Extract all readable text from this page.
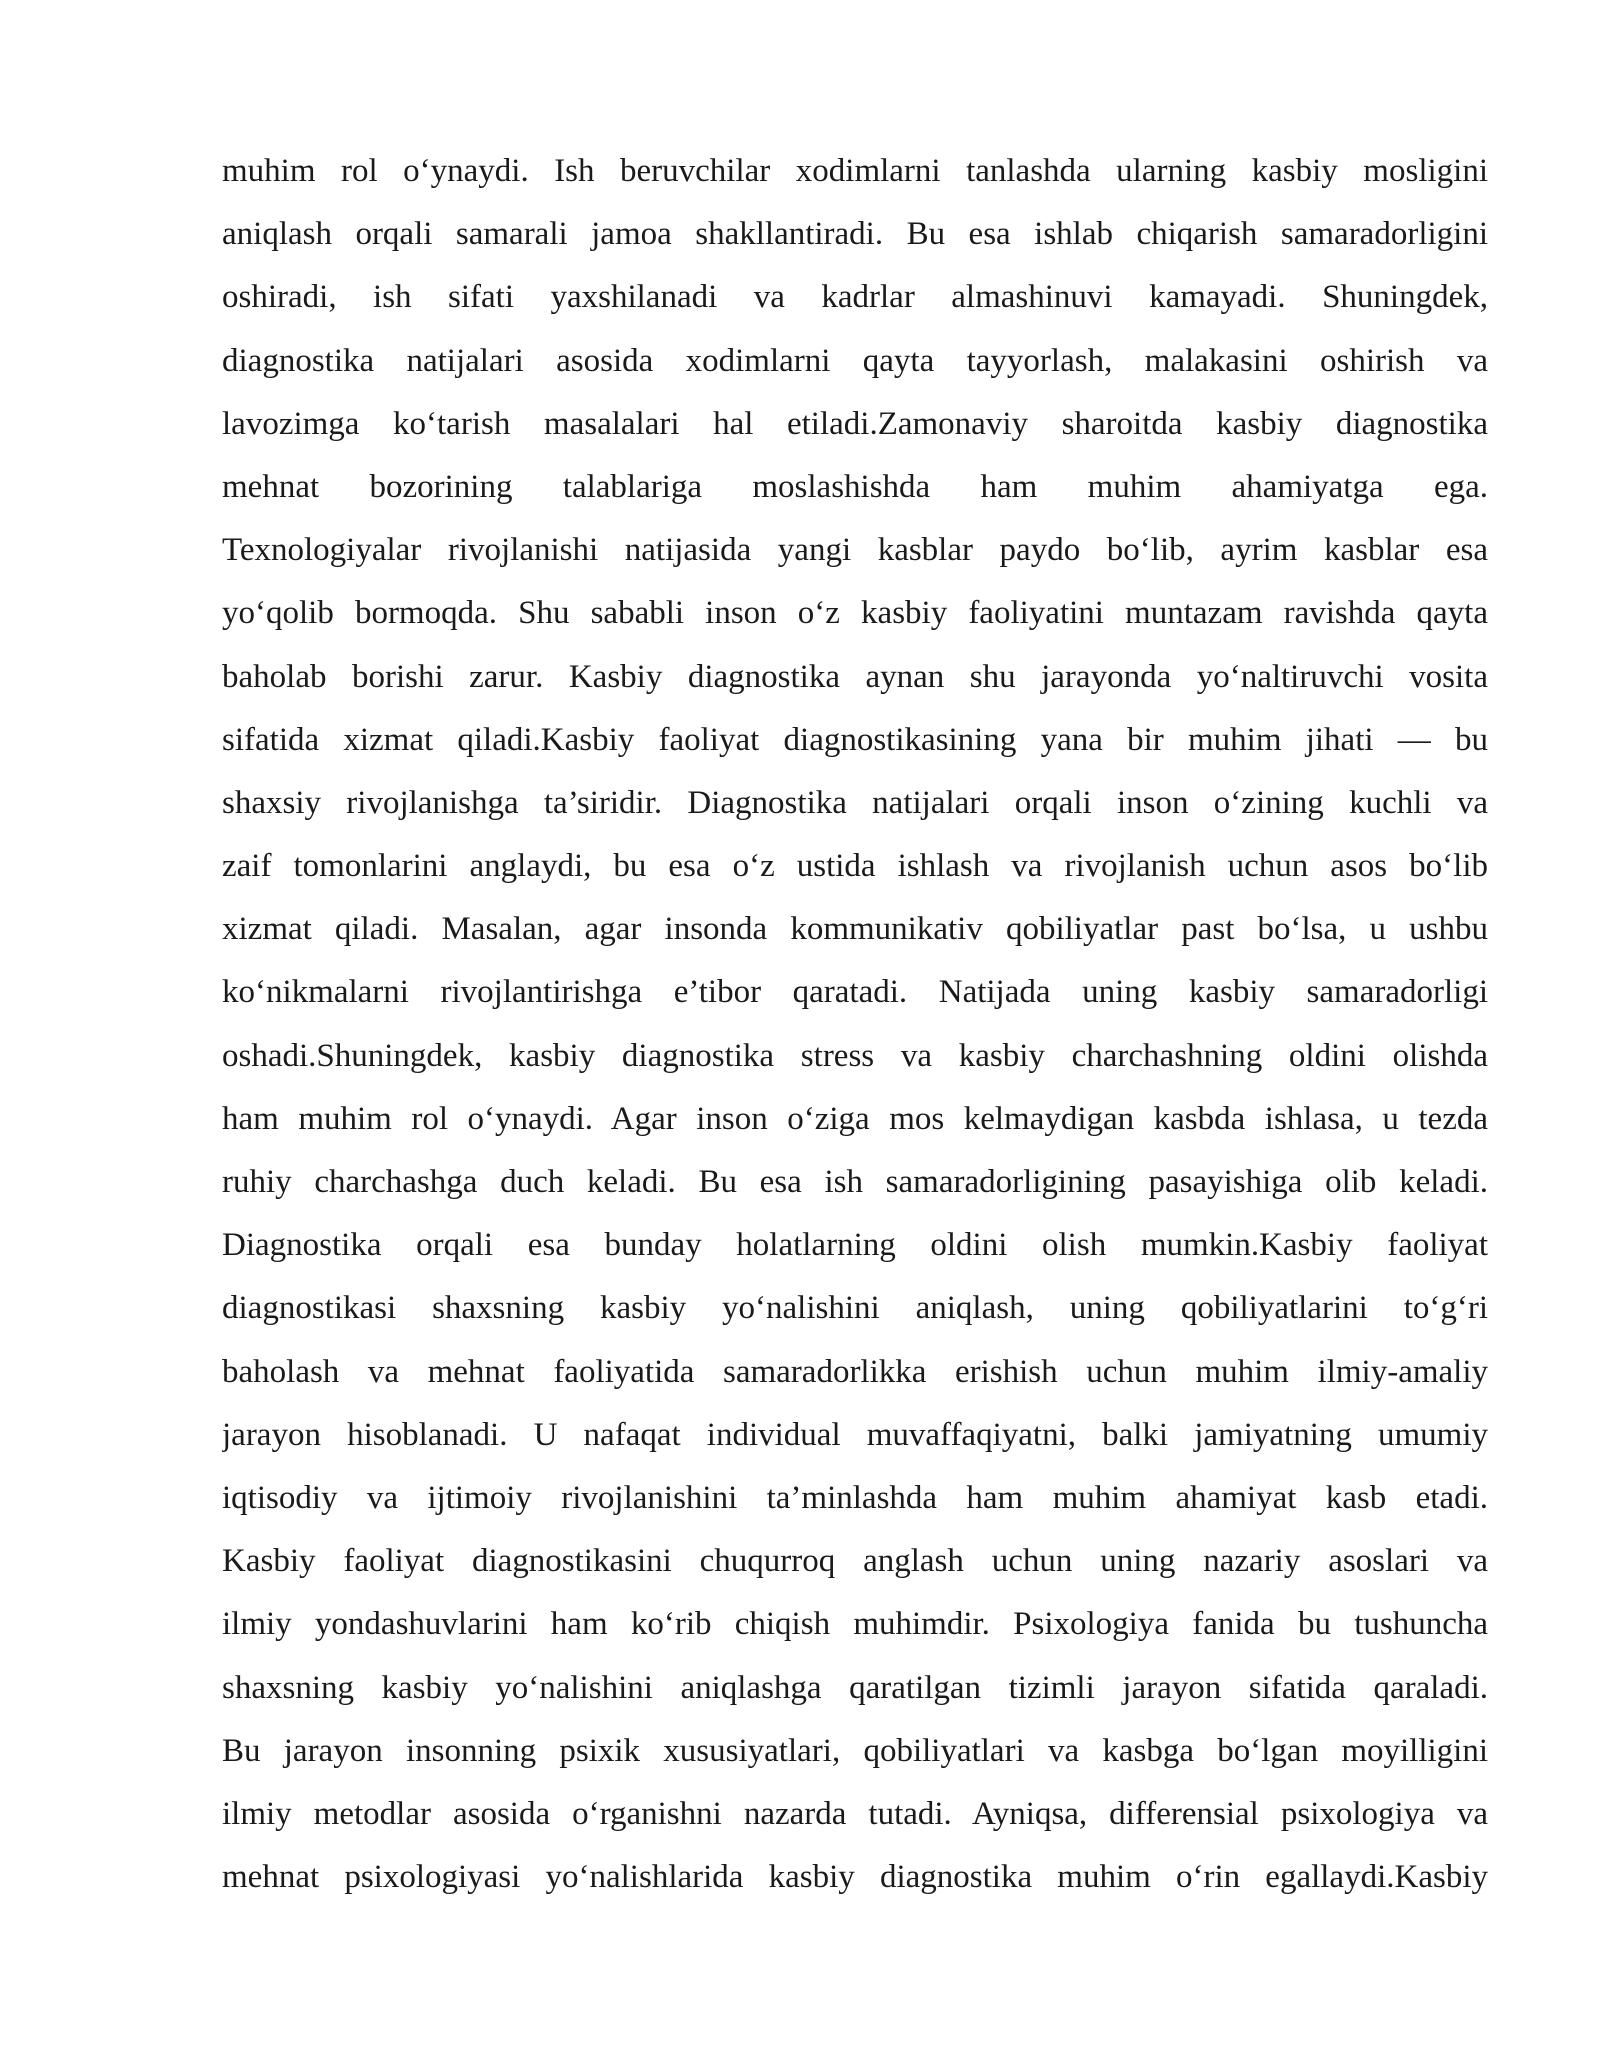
muhim rol o‘ynaydi. Ish beruvchilar xodimlarni tanlashda ularning kasbiy mosligini
aniqlash orqali samarali jamoa shakllantiradi. Bu esa ishlab chiqarish samaradorligini
oshiradi, ish sifati yaxshilanadi va kadrlar almashinuvi kamayadi. Shuningdek,
diagnostika natijalari asosida xodimlarni qayta tayyorlash, malakasini oshirish va
lavozimga ko‘tarish masalalari hal etiladi.Zamonaviy sharoitda kasbiy diagnostika
mehnat bozorining talablariga moslashishda ham muhim ahamiyatga ega.
Texnologiyalar rivojlanishi natijasida yangi kasblar paydo bo‘lib, ayrim kasblar esa
yo‘qolib bormoqda. Shu sababli inson o‘z kasbiy faoliyatini muntazam ravishda qayta
baholab borishi zarur. Kasbiy diagnostika aynan shu jarayonda yo‘naltiruvchi vosita
sifatida xizmat qiladi.Kasbiy faoliyat diagnostikasining yana bir muhim jihati — bu
shaxsiy rivojlanishga ta’siridir. Diagnostika natijalari orqali inson o‘zining kuchli va
zaif tomonlarini anglaydi, bu esa o‘z ustida ishlash va rivojlanish uchun asos bo‘lib
xizmat qiladi. Masalan, agar insonda kommunikativ qobiliyatlar past bo‘lsa, u ushbu
ko‘nikmalarni rivojlantirishga e’tibor qaratadi. Natijada uning kasbiy samaradorligi
oshadi.Shuningdek, kasbiy diagnostika stress va kasbiy charchashning oldini olishda
ham muhim rol o‘ynaydi. Agar inson o‘ziga mos kelmaydigan kasbda ishlasa, u tezda
ruhiy charchashga duch keladi. Bu esa ish samaradorligining pasayishiga olib keladi.
Diagnostika orqali esa bunday holatlarning oldini olish mumkin.Kasbiy faoliyat
diagnostikasi shaxsning kasbiy yo‘nalishini aniqlash, uning qobiliyatlarini to‘g‘ri
baholash va mehnat faoliyatida samaradorlikka erishish uchun muhim ilmiy-amaliy
jarayon hisoblanadi. U nafaqat individual muvaffaqiyatni, balki jamiyatning umumiy
iqtisodiy va ijtimoiy rivojlanishini ta’minlashda ham muhim ahamiyat kasb etadi.
Kasbiy faoliyat diagnostikasini chuqurroq anglash uchun uning nazariy asoslari va
ilmiy yondashuvlarini ham ko‘rib chiqish muhimdir. Psixologiya fanida bu tushuncha
shaxsning kasbiy yo‘nalishini aniqlashga qaratilgan tizimli jarayon sifatida qaraladi.
Bu jarayon insonning psixik xususiyatlari, qobiliyatlari va kasbga bo‘lgan moyilligini
ilmiy metodlar asosida o‘rganishni nazarda tutadi. Ayniqsa, differensial psixologiya va
mehnat psixologiyasi yo‘nalishlarida kasbiy diagnostika muhim o‘rin egallaydi.Kasbiy
